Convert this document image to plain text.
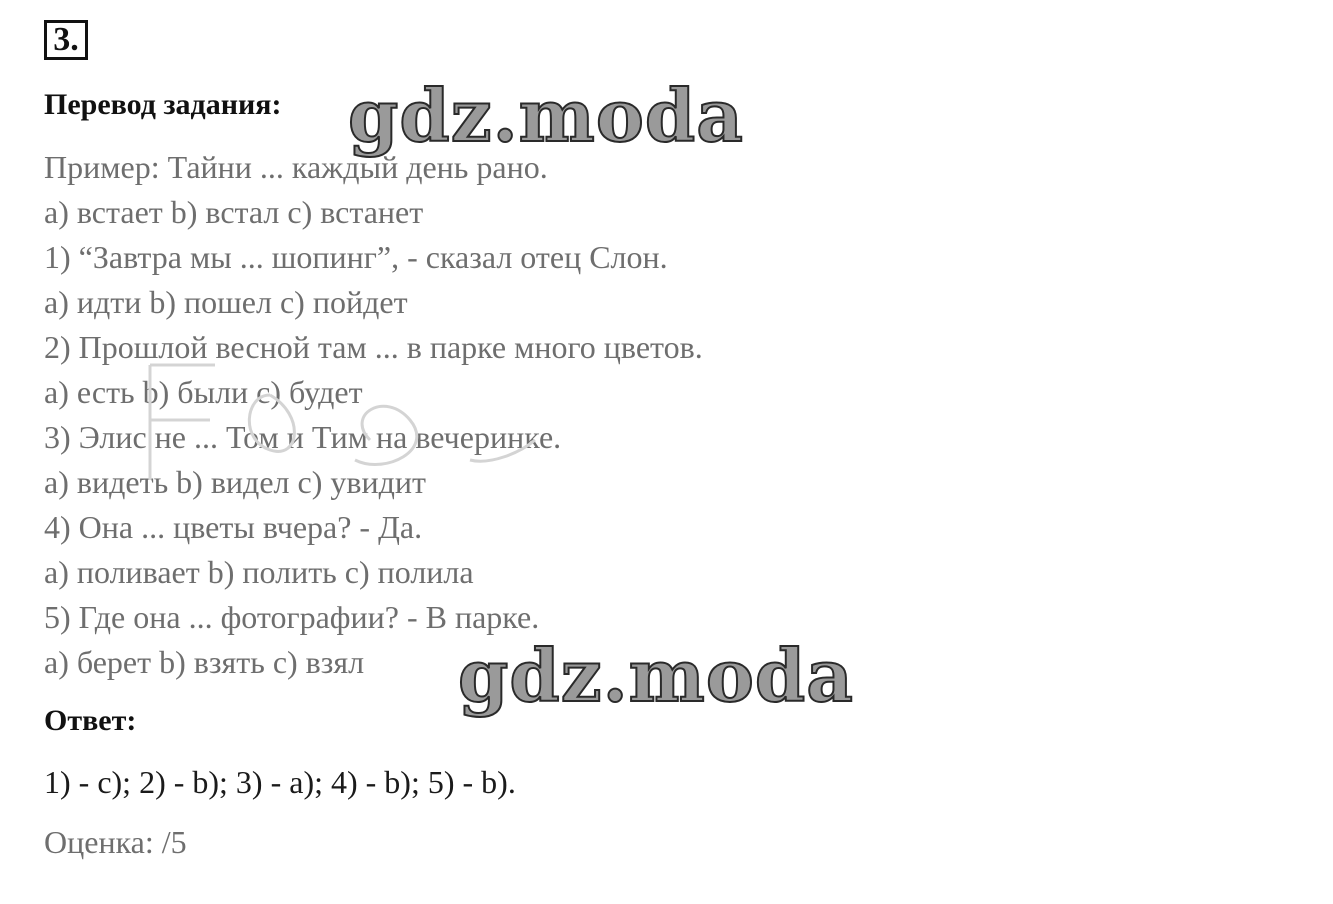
3.
Перевод задания:
Пример: Тайни ... каждый день рано.
a) встает b) встал c) встанет
1) “Завтра мы ... шопинг”, - сказал отец Слон.
a) идти b) пошел c) пойдет
2) Прошлой весной там ... в парке много цветов.
a) есть b) были c) будет
3) Элис не ... Том и Тим на вечеринке.
a) видеть b) видел c) увидит
4) Она ... цветы вчера? - Да.
a) поливает b) полить c) полила
5) Где она ... фотографии? - В парке.
a) берет b) взять c) взял
Ответ:
1) - c); 2) - b); 3) - a); 4) - b); 5) - b).
Оценка: /5
gdz.moda
gdz.moda
